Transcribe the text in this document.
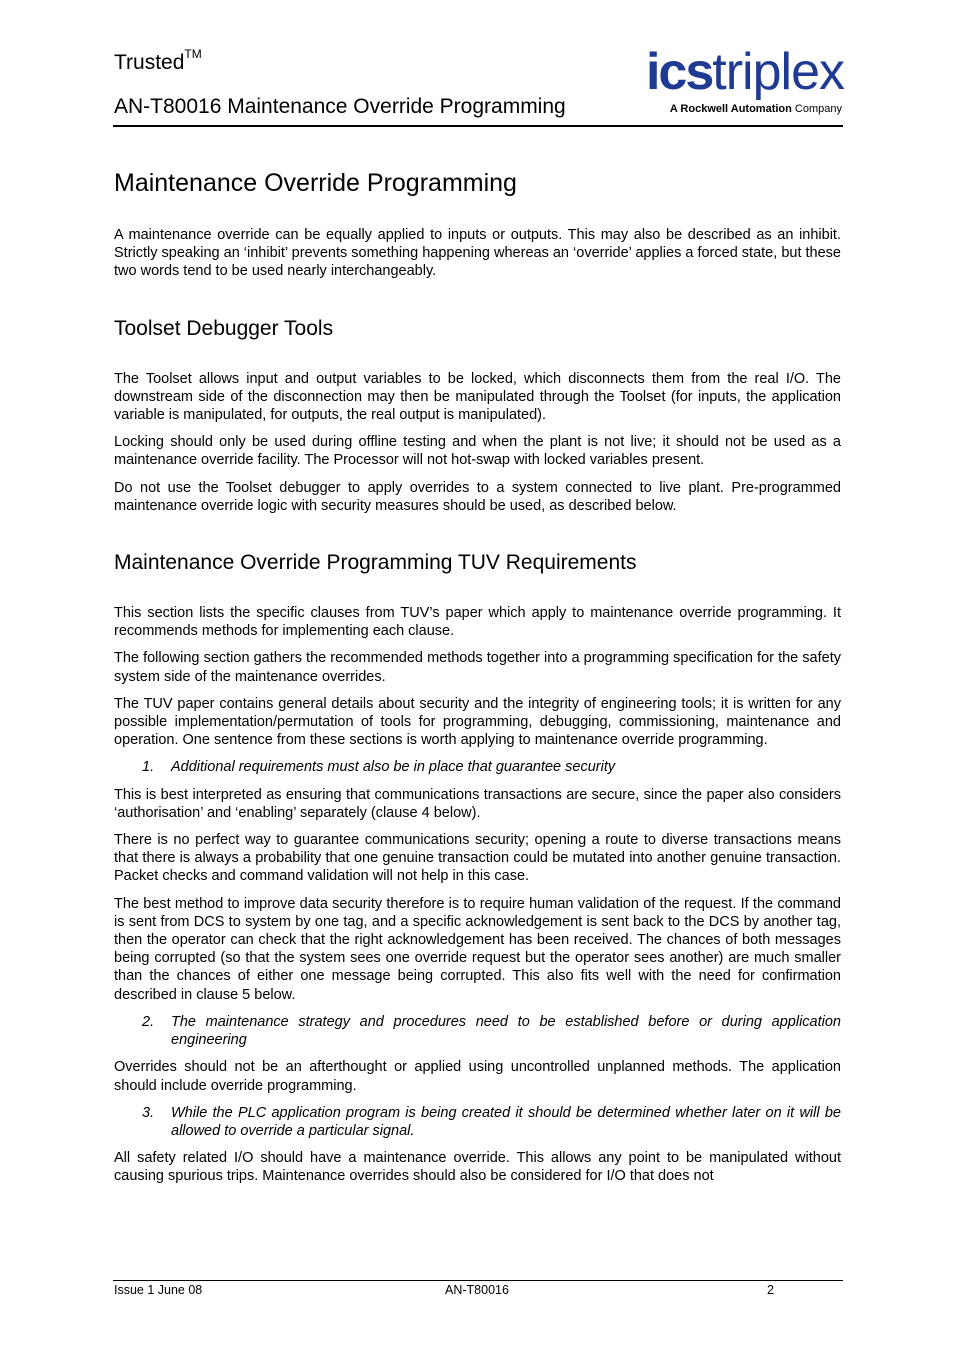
Trusted™
AN-T80016 Maintenance Override Programming
icstriplex
A Rockwell Automation Company
Maintenance Override Programming

A maintenance override can be equally applied to inputs or outputs. This may also be described as an inhibit. Strictly speaking an ‘inhibit’ prevents something happening whereas an ‘override’ applies a forced state, but these two words tend to be used nearly interchangeably.

Toolset Debugger Tools

The Toolset allows input and output variables to be locked, which disconnects them from the real I/O. The downstream side of the disconnection may then be manipulated through the Toolset (for inputs, the application variable is manipulated, for outputs, the real output is manipulated).

Locking should only be used during offline testing and when the plant is not live; it should not be used as a maintenance override facility. The Processor will not hot-swap with locked variables present.

Do not use the Toolset debugger to apply overrides to a system connected to live plant. Pre-programmed maintenance override logic with security measures should be used, as described below.

Maintenance Override Programming TUV Requirements

This section lists the specific clauses from TUV’s paper which apply to maintenance override programming. It recommends methods for implementing each clause.

The following section gathers the recommended methods together into a programming specification for the safety system side of the maintenance overrides.

The TUV paper contains general details about security and the integrity of engineering tools; it is written for any possible implementation/permutation of tools for programming, debugging, commissioning, maintenance and operation. One sentence from these sections is worth applying to maintenance override programming.

1. Additional requirements must also be in place that guarantee security

This is best interpreted as ensuring that communications transactions are secure, since the paper also considers ‘authorisation’ and ‘enabling’ separately (clause 4 below).

There is no perfect way to guarantee communications security; opening a route to diverse transactions means that there is always a probability that one genuine transaction could be mutated into another genuine transaction. Packet checks and command validation will not help in this case.

The best method to improve data security therefore is to require human validation of the request. If the command is sent from DCS to system by one tag, and a specific acknowledgement is sent back to the DCS by another tag, then the operator can check that the right acknowledgement has been received. The chances of both messages being corrupted (so that the system sees one override request but the operator sees another) are much smaller than the chances of either one message being corrupted. This also fits well with the need for confirmation described in clause 5 below.

2. The maintenance strategy and procedures need to be established before or during application engineering

Overrides should not be an afterthought or applied using uncontrolled unplanned methods. The application should include override programming.

3. While the PLC application program is being created it should be determined whether later on it will be allowed to override a particular signal.

All safety related I/O should have a maintenance override. This allows any point to be manipulated without causing spurious trips. Maintenance overrides should also be considered for I/O that does not

Issue 1 June 08	AN-T80016	2
